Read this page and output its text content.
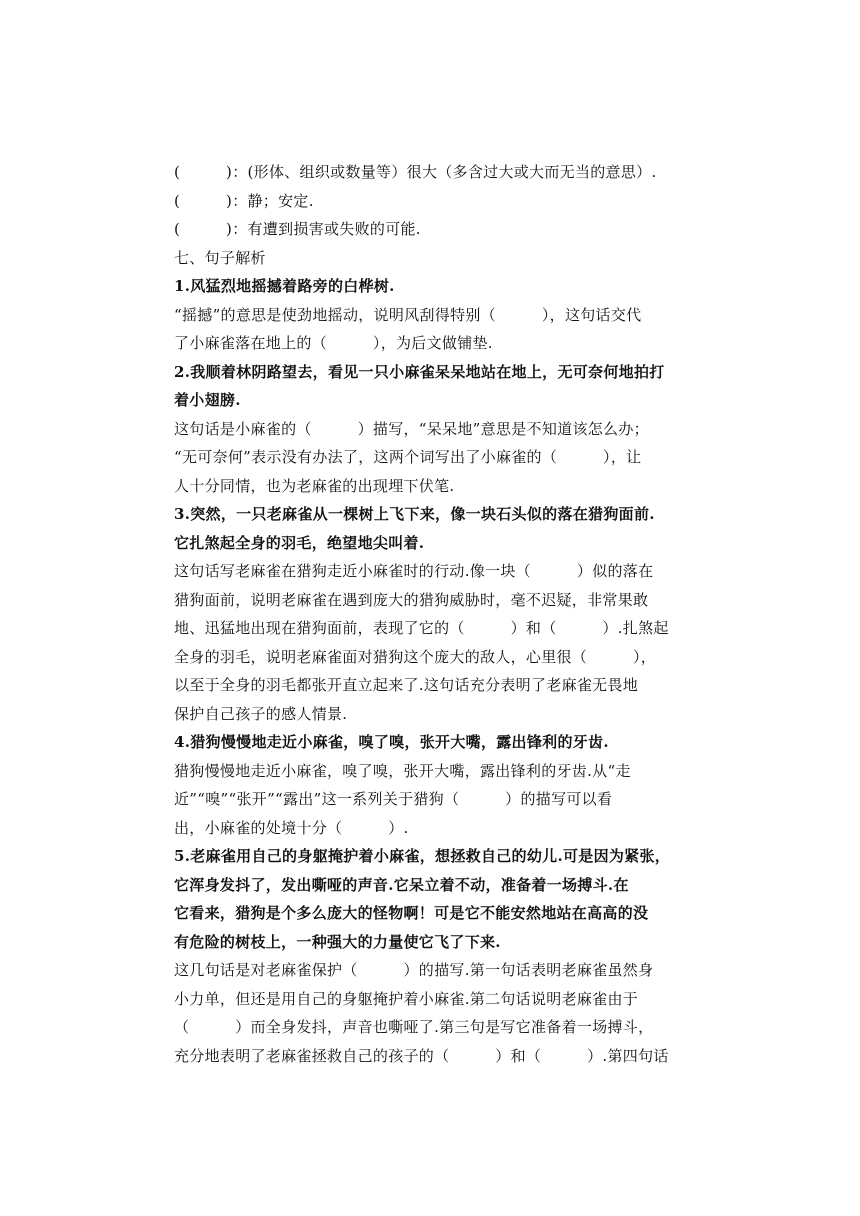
(　　　)：(形体、组织或数量等）很大（多含过大或大而无当的意思）.
(　　　)：静；安定.
(　　　)：有遭到损害或失败的可能.
七、句子解析
1.风猛烈地摇撼着路旁的白桦树.
“摇撼”的意思是使劲地摇动，说明风刮得特别（　　　），这句话交代
了小麻雀落在地上的（　　　），为后文做铺垫.
2.我顺着林阴路望去，看见一只小麻雀呆呆地站在地上，无可奈何地拍打
着小翅膀.
这句话是小麻雀的（　　　）描写，“呆呆地”意思是不知道该怎么办；
“无可奈何”表示没有办法了，这两个词写出了小麻雀的（　　　），让
人十分同情，也为老麻雀的出现埋下伏笔.
3.突然，一只老麻雀从一棵树上飞下来，像一块石头似的落在猎狗面前.
它扎煞起全身的羽毛，绝望地尖叫着.
这句话写老麻雀在猎狗走近小麻雀时的行动.像一块（　　　）似的落在
猎狗面前，说明老麻雀在遇到庞大的猎狗威胁时，毫不迟疑，非常果敢
地、迅猛地出现在猎狗面前，表现了它的（　　　）和（　　　）.扎煞起
全身的羽毛，说明老麻雀面对猎狗这个庞大的敌人，心里很（　　　），
以至于全身的羽毛都张开直立起来了.这句话充分表明了老麻雀无畏地
保护自己孩子的感人情景.
4.猎狗慢慢地走近小麻雀，嗅了嗅，张开大嘴，露出锋利的牙齿.
猎狗慢慢地走近小麻雀，嗅了嗅，张开大嘴，露出锋利的牙齿.从“走
近”“嗅”“张开”“露出”这一系列关于猎狗（　　　）的描写可以看
出，小麻雀的处境十分（　　　）.
5.老麻雀用自己的身躯掩护着小麻雀，想拯救自己的幼儿.可是因为紧张，
它浑身发抖了，发出嘶哑的声音.它呆立着不动，准备着一场搏斗.在
它看来，猎狗是个多么庞大的怪物啊！可是它不能安然地站在高高的没
有危险的树枝上，一种强大的力量使它飞了下来.
这几句话是对老麻雀保护（　　　）的描写.第一句话表明老麻雀虽然身
小力单，但还是用自己的身躯掩护着小麻雀.第二句话说明老麻雀由于
（　　　）而全身发抖，声音也嘶哑了.第三句是写它准备着一场搏斗，
充分地表明了老麻雀拯救自己的孩子的（　　　）和（　　　）.第四句话
